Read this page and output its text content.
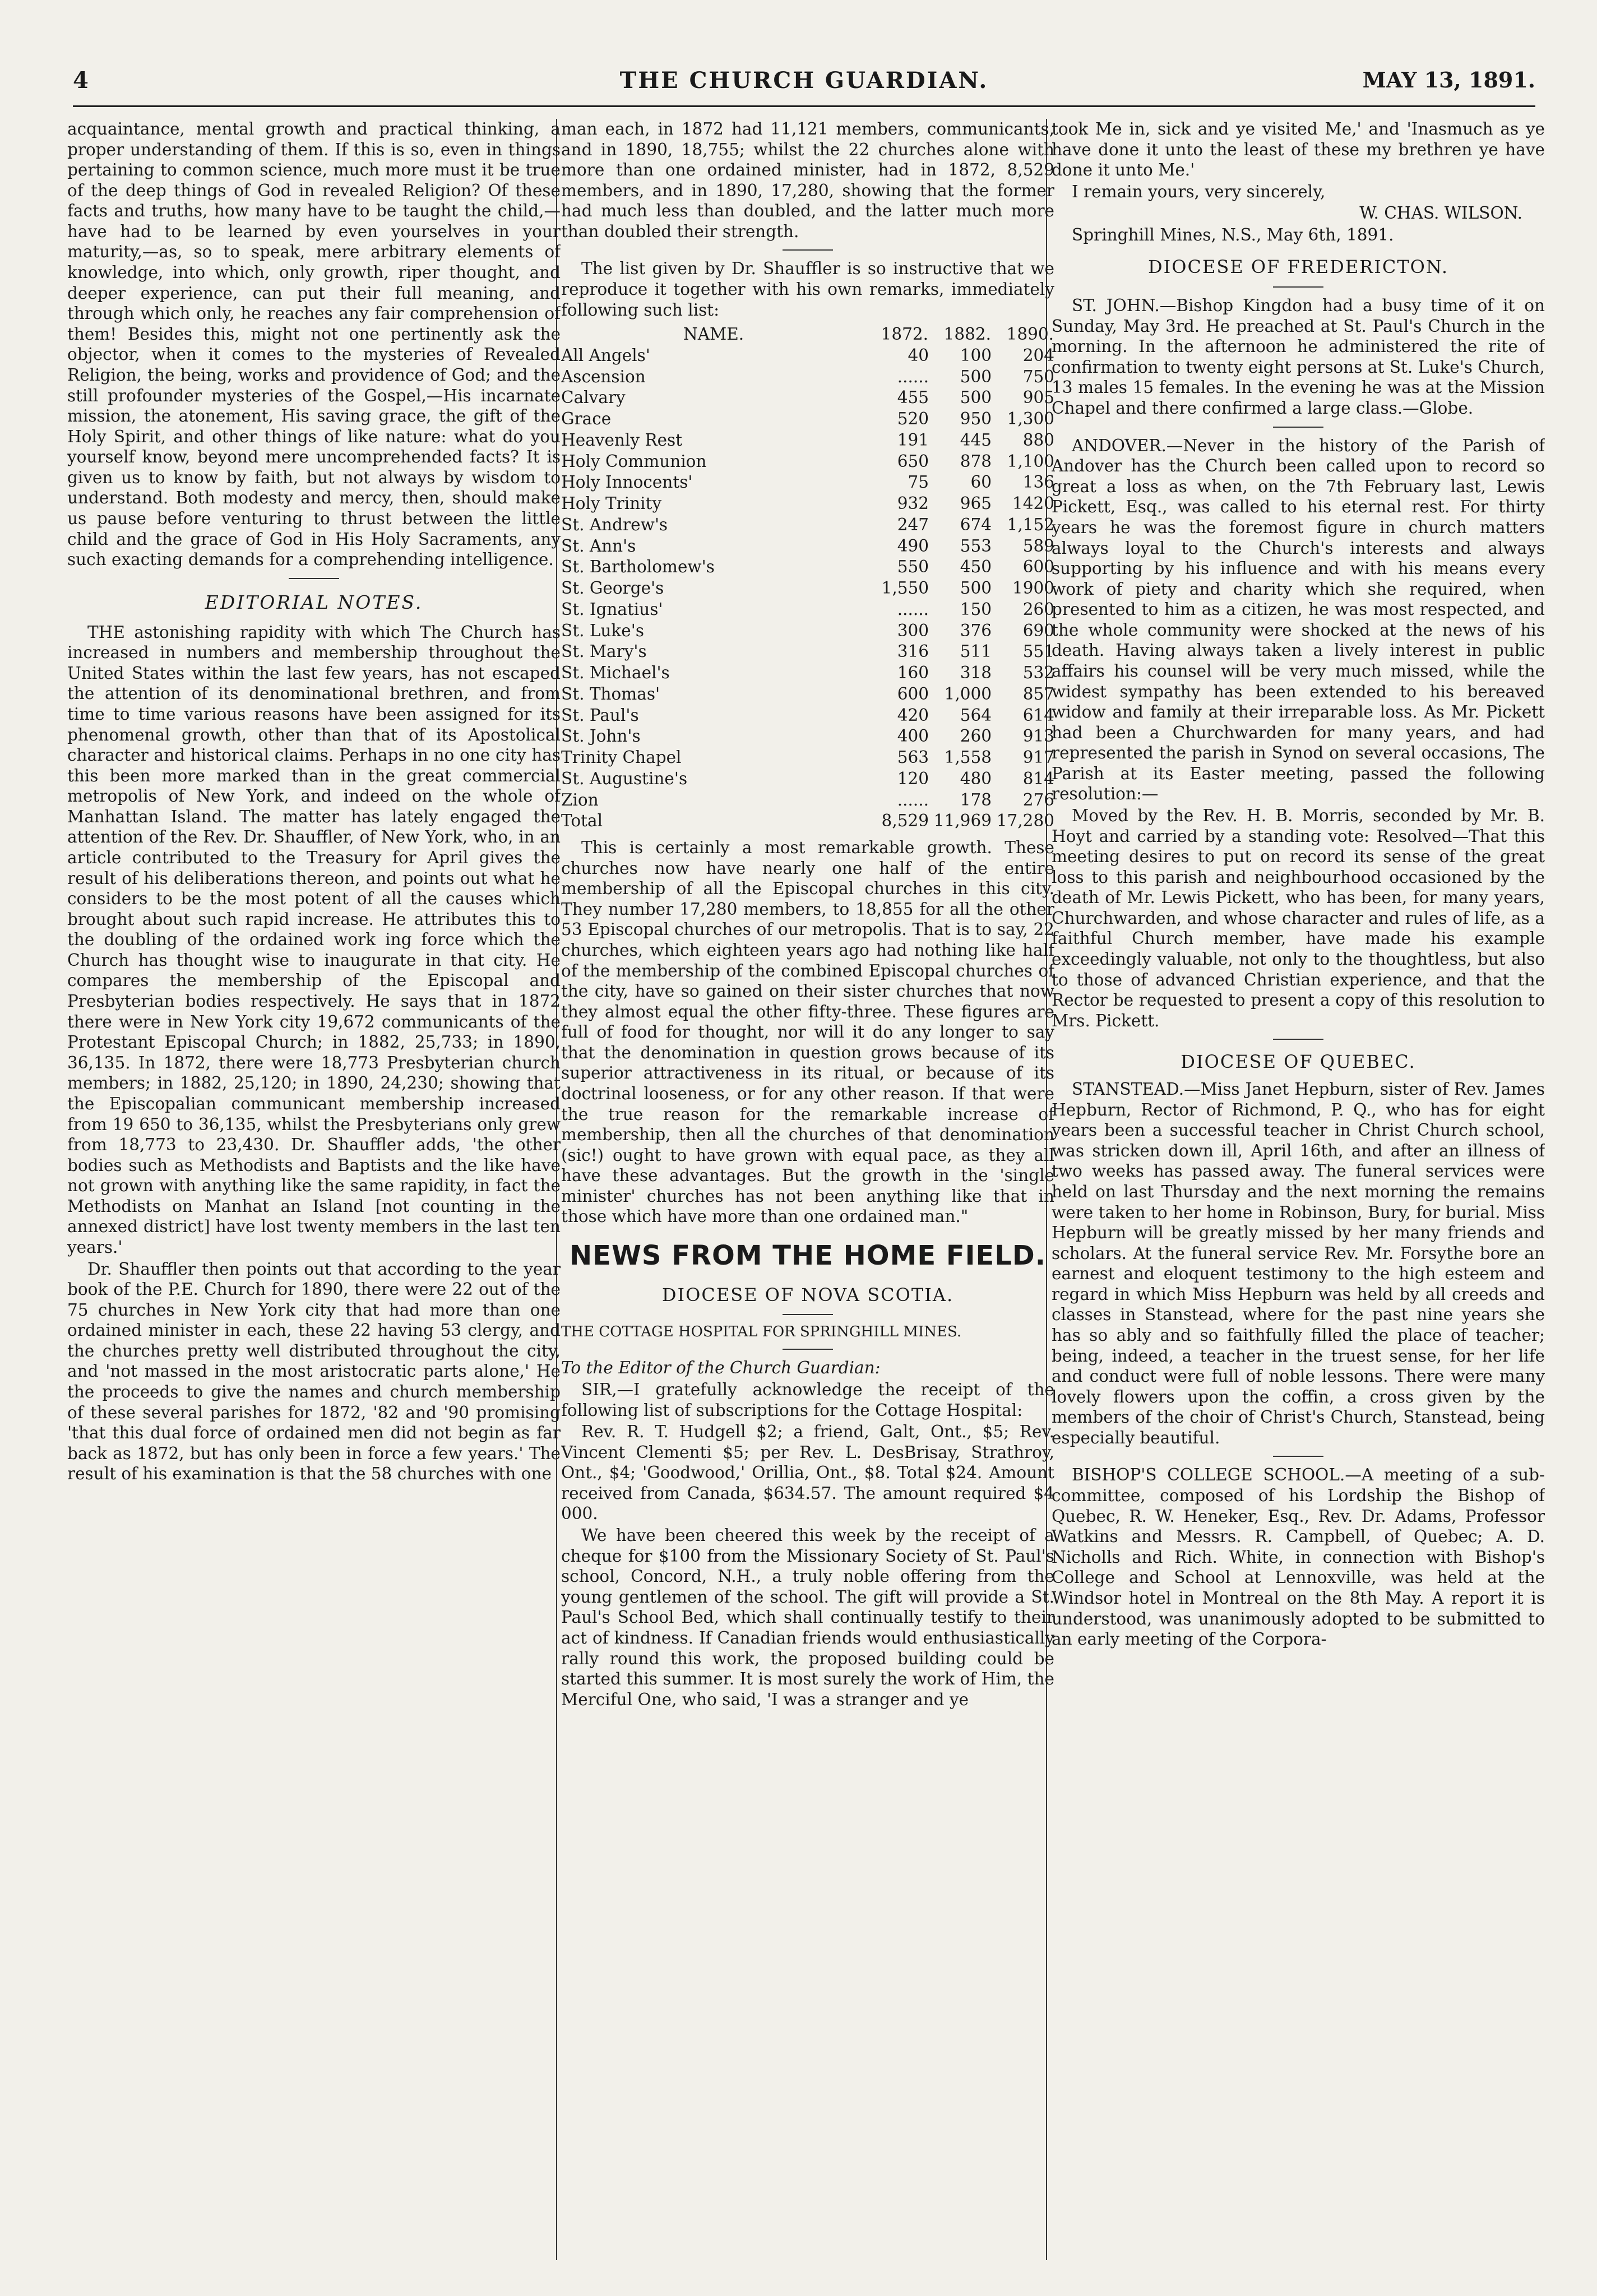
4	THE CHURCH GUARDIAN.	MAY 13, 1891.

acquaintance, mental growth and practical thinking, a proper understanding of them. If this is so, even in things pertaining to common science, much more must it be true of the deep things of God in revealed Religion? Of these facts and truths, how many have to be taught the child,—have had to be learned by even yourselves in your maturity,—as, so to speak, mere arbitrary elements of knowledge, into which, only growth, riper thought, and deeper experience, can put their full meaning, and through which only, he reaches any fair comprehension of them! Besides this, might not one pertinently ask the objector, when it comes to the mysteries of Revealed Religion, the being, works and providence of God; and the still profounder mysteries of the Gospel,—His incarnate mission, the atonement, His saving grace, the gift of the Holy Spirit, and other things of like nature: what do you yourself know, beyond mere uncomprehended facts? It is given us to know by faith, but not always by wisdom to understand. Both modesty and mercy, then, should make us pause before venturing to thrust between the little child and the grace of God in His Holy Sacraments, any such exacting demands for a comprehending intelligence.

EDITORIAL NOTES.

THE astonishing rapidity with which The Church has increased in numbers and membership throughout the United States within the last few years, has not escaped the attention of its denominational brethren, and from time to time various reasons have been assigned for its phenomenal growth, other than that of its Apostolical character and historical claims. Perhaps in no one city has this been more marked than in the great commercial metropolis of New York, and indeed on the whole of Manhattan Island. The matter has lately engaged the attention of the Rev. Dr. Shauffler, of New York, who, in an article contributed to the Treasury for April gives the result of his deliberations thereon, and points out what he considers to be the most potent of all the causes which brought about such rapid increase. He attributes this to the doubling of the ordained work ing force which the Church has thought wise to inaugurate in that city. He compares the membership of the Episcopal and Presbyterian bodies respectively. He says that in 1872 there were in New York city 19,672 communicants of the Protestant Episcopal Church; in 1882, 25,733; in 1890, 36,135. In 1872, there were 18,773 Presbyterian church members; in 1882, 25,120; in 1890, 24,230; showing that the Episcopalian communicant membership increased from 19 650 to 36,135, whilst the Presbyterians only grew from 18,773 to 23,430. Dr. Shauffler adds, 'the other bodies such as Methodists and Baptists and the like have not grown with anything like the same rapidity, in fact the Methodists on Manhat an Island [not counting in the annexed district] have lost twenty members in the last ten years.'

Dr. Shauffler then points out that according to the year book of the P.E. Church for 1890, there were 22 out of the 75 churches in New York city that had more than one ordained minister in each, these 22 having 53 clergy, and the churches pretty well distributed throughout the city, and 'not massed in the most aristocratic parts alone,' He the proceeds to give the names and church membership of these several parishes for 1872, '82 and '90 promising 'that this dual force of ordained men did not begin as far back as 1872, but has only been in force a few years.' The result of his examination is that the 58 churches with one

man each, in 1872 had 11,121 members, communicants, and in 1890, 18,755; whilst the 22 churches alone with more than one ordained minister, had in 1872, 8,529 members, and in 1890, 17,280, showing that the former had much less than doubled, and the latter much more than doubled their strength.

The list given by Dr. Shauffler is so instructive that we reproduce it together with his own remarks, immediately following such list:

NAME.	1872.	1882.	1890.
All Angels'	40	100	204
Ascension	......	500	750
Calvary	455	500	905
Grace	520	950	1,300
Heavenly Rest	191	445	880
Holy Communion	650	878	1,100
Holy Innocents'	75	60	136
Holy Trinity	932	965	1420
St. Andrew's	247	674	1,152
St. Ann's	490	553	589
St. Bartholomew's	550	450	600
St. George's	1,550	500	1900
St. Ignatius'	......	150	260
St. Luke's	300	376	690
St. Mary's	316	511	551
St. Michael's	160	318	532
St. Thomas'	600	1,000	857
St. Paul's	420	564	614
St. John's	400	260	913
Trinity Chapel	563	1,558	917
St. Augustine's	120	480	814
Zion	......	178	276
Total	8,529	11,969	17,280

This is certainly a most remarkable growth. These churches now have nearly one half of the entire membership of all the Episcopal churches in this city. They number 17,280 members, to 18,855 for all the other 53 Episcopal churches of our metropolis. That is to say, 22 churches, which eighteen years ago had nothing like half of the membership of the combined Episcopal churches of the city, have so gained on their sister churches that now they almost equal the other fifty-three. These figures are full of food for thought, nor will it do any longer to say that the denomination in question grows because of its superior attractiveness in its ritual, or because of its doctrinal looseness, or for any other reason. If that were the true reason for the remarkable increase of membership, then all the churches of that denomination (sic!) ought to have grown with equal pace, as they all have these advantages. But the growth in the 'single minister' churches has not been anything like that in those which have more than one ordained man."

NEWS FROM THE HOME FIELD.
DIOCESE OF NOVA SCOTIA.

THE COTTAGE HOSPITAL FOR SPRINGHILL MINES.

To the Editor of the Church Guardian:

SIR,—I gratefully acknowledge the receipt of the following list of subscriptions for the Cottage Hospital:

Rev. R. T. Hudgell $2; a friend, Galt, Ont., $5; Rev. Vincent Clementi $5; per Rev. L. DesBrisay, Strathroy, Ont., $4; 'Goodwood,' Orillia, Ont., $8. Total $24. Amount received from Canada, $634.57. The amount required $4 000.

We have been cheered this week by the receipt of a cheque for $100 from the Missionary Society of St. Paul's school, Concord, N.H., a truly noble offering from the young gentlemen of the school. The gift will provide a St. Paul's School Bed, which shall continually testify to their act of kindness. If Canadian friends would enthusiastically rally round this work, the proposed building could be started this summer. It is most surely the work of Him, the Merciful One, who said, 'I was a stranger and ye

took Me in, sick and ye visited Me,' and 'Inasmuch as ye have done it unto the least of these my brethren ye have done it unto Me.'

I remain yours, very sincerely,

W. CHAS. WILSON.

Springhill Mines, N.S., May 6th, 1891.

DIOCESE OF FREDERICTON.

ST. JOHN.—Bishop Kingdon had a busy time of it on Sunday, May 3rd. He preached at St. Paul's Church in the morning. In the afternoon he administered the rite of confirmation to twenty eight persons at St. Luke's Church, 13 males 15 females. In the evening he was at the Mission Chapel and there confirmed a large class.—Globe.

ANDOVER.—Never in the history of the Parish of Andover has the Church been called upon to record so great a loss as when, on the 7th February last, Lewis Pickett, Esq., was called to his eternal rest. For thirty years he was the foremost figure in church matters always loyal to the Church's interests and always supporting by his influence and with his means every work of piety and charity which she required, when presented to him as a citizen, he was most respected, and the whole community were shocked at the news of his death. Having always taken a lively interest in public affairs his counsel will be very much missed, while the widest sympathy has been extended to his bereaved widow and family at their irreparable loss. As Mr. Pickett had been a Churchwarden for many years, and had represented the parish in Synod on several occasions, The Parish at its Easter meeting, passed the following resolution:—

Moved by the Rev. H. B. Morris, seconded by Mr. B. Hoyt and carried by a standing vote: Resolved—That this meeting desires to put on record its sense of the great loss to this parish and neighbourhood occasioned by the death of Mr. Lewis Pickett, who has been, for many years, Churchwarden, and whose character and rules of life, as a faithful Church member, have made his example exceedingly valuable, not only to the thoughtless, but also to those of advanced Christian experience, and that the Rector be requested to present a copy of this resolution to Mrs. Pickett.

DIOCESE OF QUEBEC.

STANSTEAD.—Miss Janet Hepburn, sister of Rev. James Hepburn, Rector of Richmond, P. Q., who has for eight years been a successful teacher in Christ Church school, was stricken down ill, April 16th, and after an illness of two weeks has passed away. The funeral services were held on last Thursday and the next morning the remains were taken to her home in Robinson, Bury, for burial. Miss Hepburn will be greatly missed by her many friends and scholars. At the funeral service Rev. Mr. Forsythe bore an earnest and eloquent testimony to the high esteem and regard in which Miss Hepburn was held by all creeds and classes in Stanstead, where for the past nine years she has so ably and so faithfully filled the place of teacher; being, indeed, a teacher in the truest sense, for her life and conduct were full of noble lessons. There were many lovely flowers upon the coffin, a cross given by the members of the choir of Christ's Church, Stanstead, being especially beautiful.

BISHOP'S COLLEGE SCHOOL.—A meeting of a sub-committee, composed of his Lordship the Bishop of Quebec, R. W. Heneker, Esq., Rev. Dr. Adams, Professor Watkins and Messrs. R. Campbell, of Quebec; A. D. Nicholls and Rich. White, in connection with Bishop's College and School at Lennoxville, was held at the Windsor hotel in Montreal on the 8th May. A report it is understood, was unanimously adopted to be submitted to an early meeting of the Corpora-
